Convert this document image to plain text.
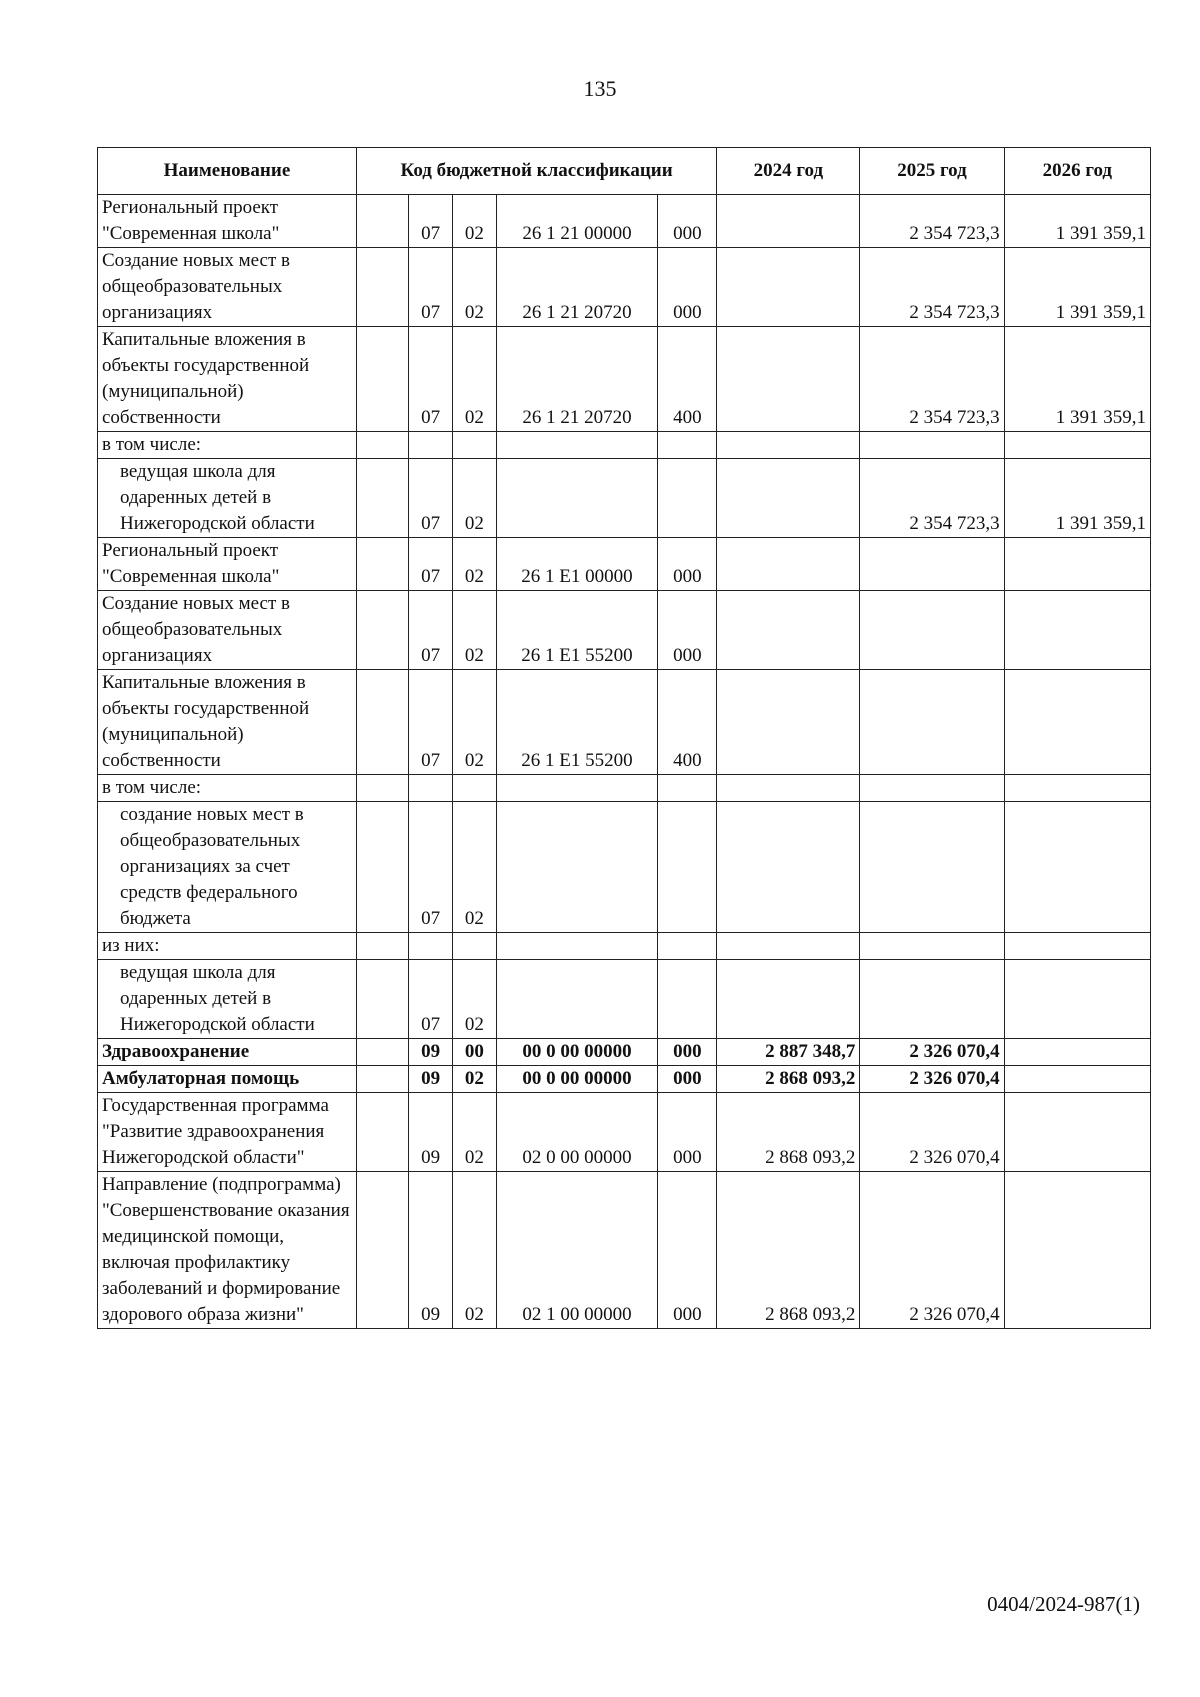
135
Наименование	Код бюджетной классификации					2024 год	2025 год	2026 год
Региональный проект "Современная школа"		07	02	26 1 21 00000	000		2 354 723,3	1 391 359,1
Создание новых мест в общеобразовательных организациях		07	02	26 1 21 20720	000		2 354 723,3	1 391 359,1
Капитальные вложения в объекты государственной (муниципальной) собственности		07	02	26 1 21 20720	400		2 354 723,3	1 391 359,1
в том числе:								
ведущая школа для одаренных детей в Нижегородской области		07	02				2 354 723,3	1 391 359,1
Региональный проект "Современная школа"		07	02	26 1 E1 00000	000			
Создание новых мест в общеобразовательных организациях		07	02	26 1 E1 55200	000			
Капитальные вложения в объекты государственной (муниципальной) собственности		07	02	26 1 E1 55200	400			
в том числе:								
создание новых мест в общеобразовательных организациях за счет средств федерального бюджета		07	02					
из них:								
ведущая школа для одаренных детей в Нижегородской области		07	02					
Здравоохранение		09	00	00 0 00 00000	000	2 887 348,7	2 326 070,4	
Амбулаторная помощь		09	02	00 0 00 00000	000	2 868 093,2	2 326 070,4	
Государственная программа "Развитие здравоохранения Нижегородской области"		09	02	02 0 00 00000	000	2 868 093,2	2 326 070,4	
Направление (подпрограмма) "Совершенствование оказания медицинской помощи, включая профилактику заболеваний и формирование здорового образа жизни"		09	02	02 1 00 00000	000	2 868 093,2	2 326 070,4	
0404/2024-987(1)
